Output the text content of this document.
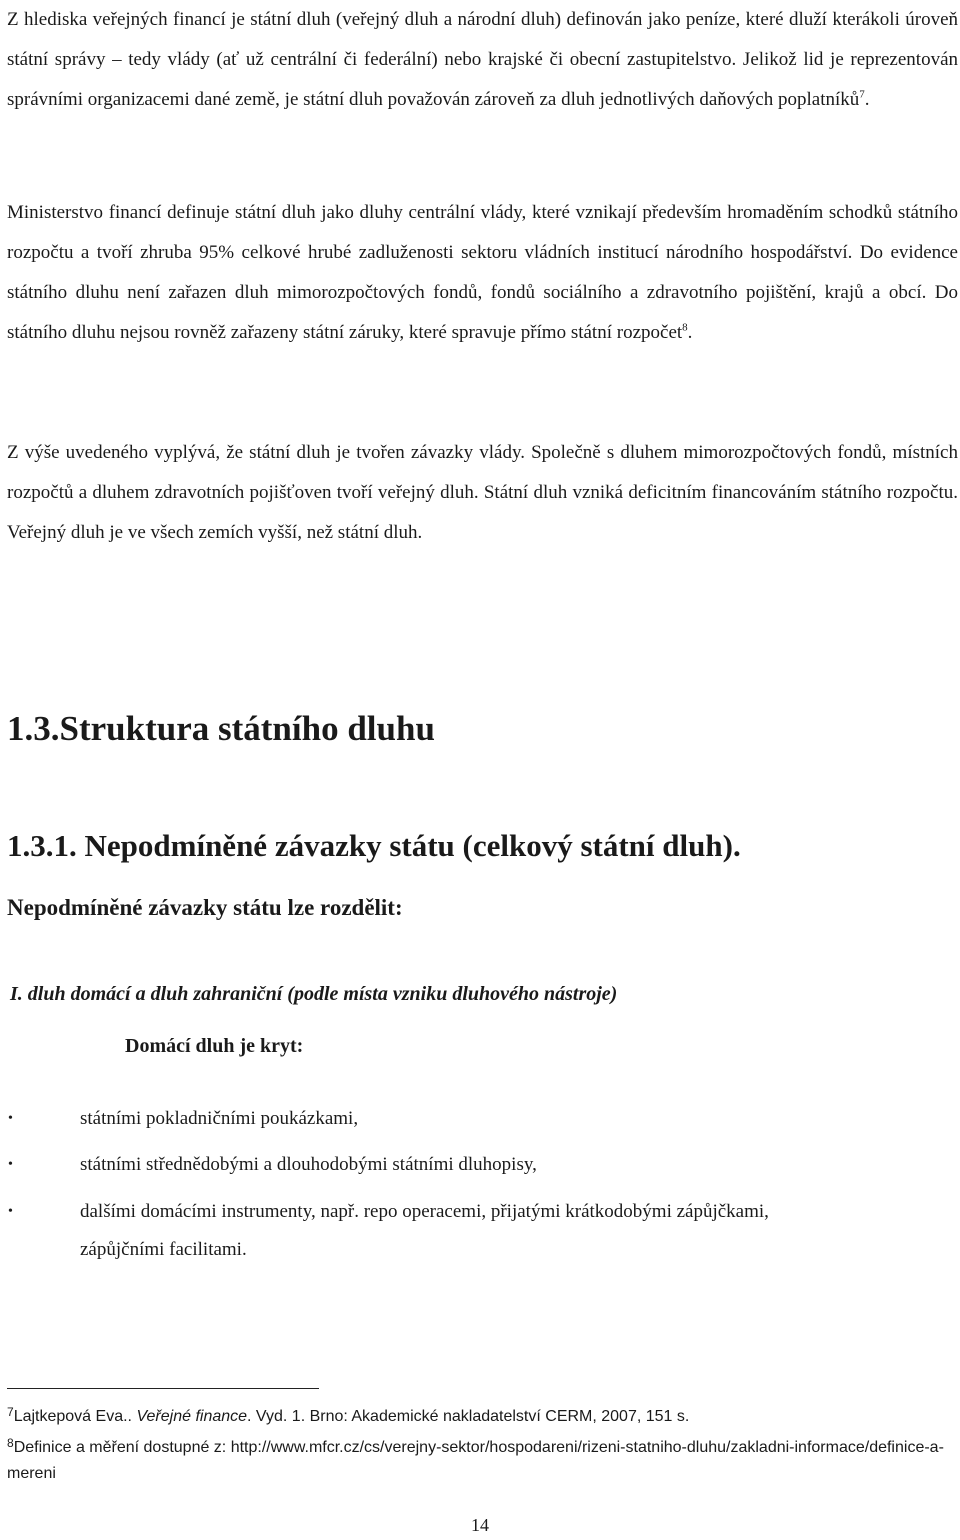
Z hlediska veřejných financí je státní dluh (veřejný dluh a národní dluh) definován jako peníze, které dluží kterákoli úroveň státní správy – tedy vlády (ať už centrální či federální) nebo krajské či obecní zastupitelstvo. Jelikož lid je reprezentován správními organizacemi dané země, je státní dluh považován zároveň za dluh jednotlivých daňových poplatníků$^7$.

Ministerstvo financí definuje státní dluh jako dluhy centrální vlády, které vznikají především hromaděním schodků státního rozpočtu a tvoří zhruba 95% celkové hrubé zadluženosti sektoru vládních institucí národního hospodářství. Do evidence státního dluhu není zařazen dluh mimorozpočtových fondů, fondů sociálního a zdravotního pojištění, krajů a obcí. Do státního dluhu nejsou rovněž zařazeny státní záruky, které spravuje přímo státní rozpočet$^8$.

Z výše uvedeného vyplývá, že státní dluh je tvořen závazky vlády. Společně s dluhem mimorozpočtových fondů, místních rozpočtů a dluhem zdravotních pojišťoven tvoří veřejný dluh. Státní dluh vzniká deficitním financováním státního rozpočtu. Veřejný dluh je ve všech zemích vyšší, než státní dluh.

1.3.Struktura státního dluhu
1.3.1. Nepodmíněné závazky státu (celkový státní dluh).
Nepodmíněné závazky státu lze rozdělit:

I. dluh domácí a dluh zahraniční (podle místa vzniku dluhového nástroje)

Domácí dluh je kryt:

•	státními pokladničními poukázkami,

•	státními střednědobými a dlouhodobými státními dluhopisy,

•	dalšími domácími instrumenty, např. repo operacemi, přijatými krátkodobými zápůjčkami, zápůjčními facilitami.

$^7$Lajtkepová Eva.. Veřejné finance. Vyd. 1. Brno: Akademické nakladatelství CERM, 2007, 151 s.

$^8$Definice a měření dostupné z: http://www.mfcr.cz/cs/verejny-sektor/hospodareni/rizeni-statniho-dluhu/zakladni-informace/definice-a-mereni

14
